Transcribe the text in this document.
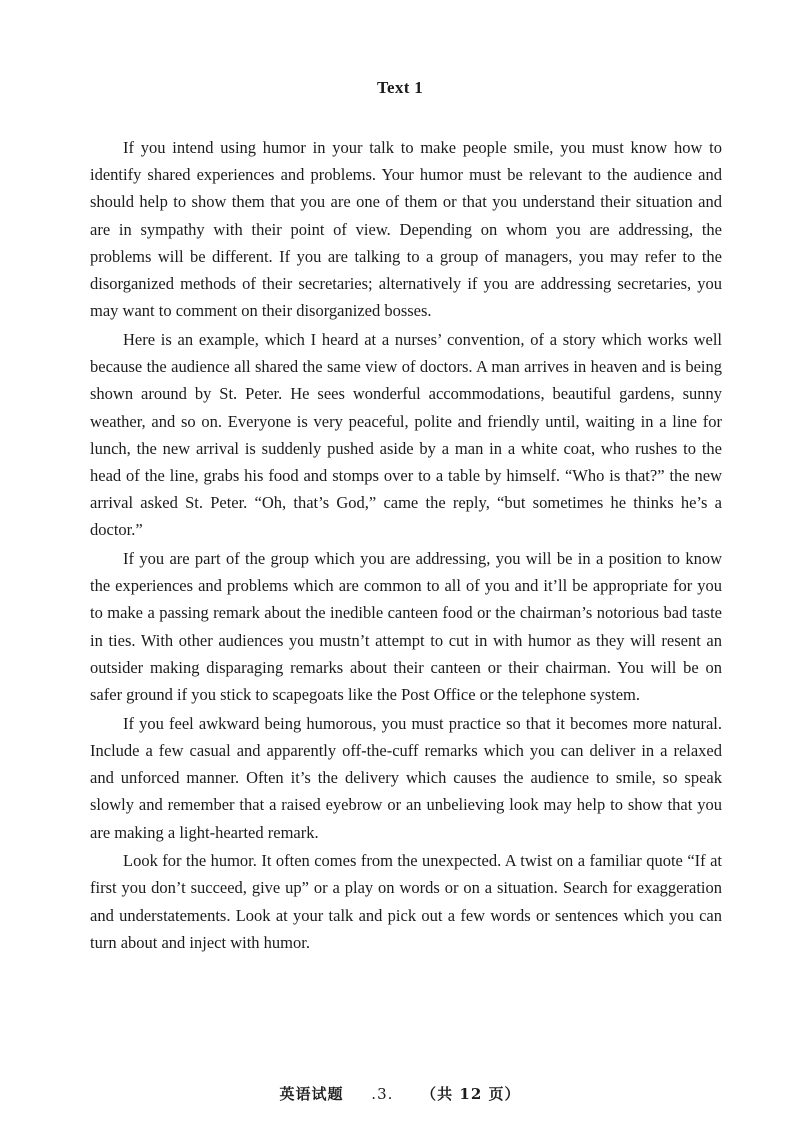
Text 1

If you intend using humor in your talk to make people smile, you must know how to identify shared experiences and problems. Your humor must be relevant to the audience and should help to show them that you are one of them or that you understand their situation and are in sympathy with their point of view. Depending on whom you are addressing, the problems will be different. If you are talking to a group of managers, you may refer to the disorganized methods of their secretaries; alternatively if you are addressing secretaries, you may want to comment on their disorganized bosses.

Here is an example, which I heard at a nurses’ convention, of a story which works well because the audience all shared the same view of doctors. A man arrives in heaven and is being shown around by St. Peter. He sees wonderful accommodations, beautiful gardens, sunny weather, and so on. Everyone is very peaceful, polite and friendly until, waiting in a line for lunch, the new arrival is suddenly pushed aside by a man in a white coat, who rushes to the head of the line, grabs his food and stomps over to a table by himself. “Who is that?” the new arrival asked St. Peter. “Oh, that’s God,” came the reply, “but sometimes he thinks he’s a doctor.”

If you are part of the group which you are addressing, you will be in a position to know the experiences and problems which are common to all of you and it’ll be appropriate for you to make a passing remark about the inedible canteen food or the chairman’s notorious bad taste in ties. With other audiences you mustn’t attempt to cut in with humor as they will resent an outsider making disparaging remarks about their canteen or their chairman. You will be on safer ground if you stick to scapegoats like the Post Office or the telephone system.

If you feel awkward being humorous, you must practice so that it becomes more natural. Include a few casual and apparently off-the-cuff remarks which you can deliver in a relaxed and unforced manner. Often it’s the delivery which causes the audience to smile, so speak slowly and remember that a raised eyebrow or an unbelieving look may help to show that you are making a light-hearted remark.

Look for the humor. It often comes from the unexpected. A twist on a familiar quote “If at first you don’t succeed, give up” or a play on words or on a situation. Search for exaggeration and understatements. Look at your talk and pick out a few words or sentences which you can turn about and inject with humor.

英语试题 .3. （共 12 页）
